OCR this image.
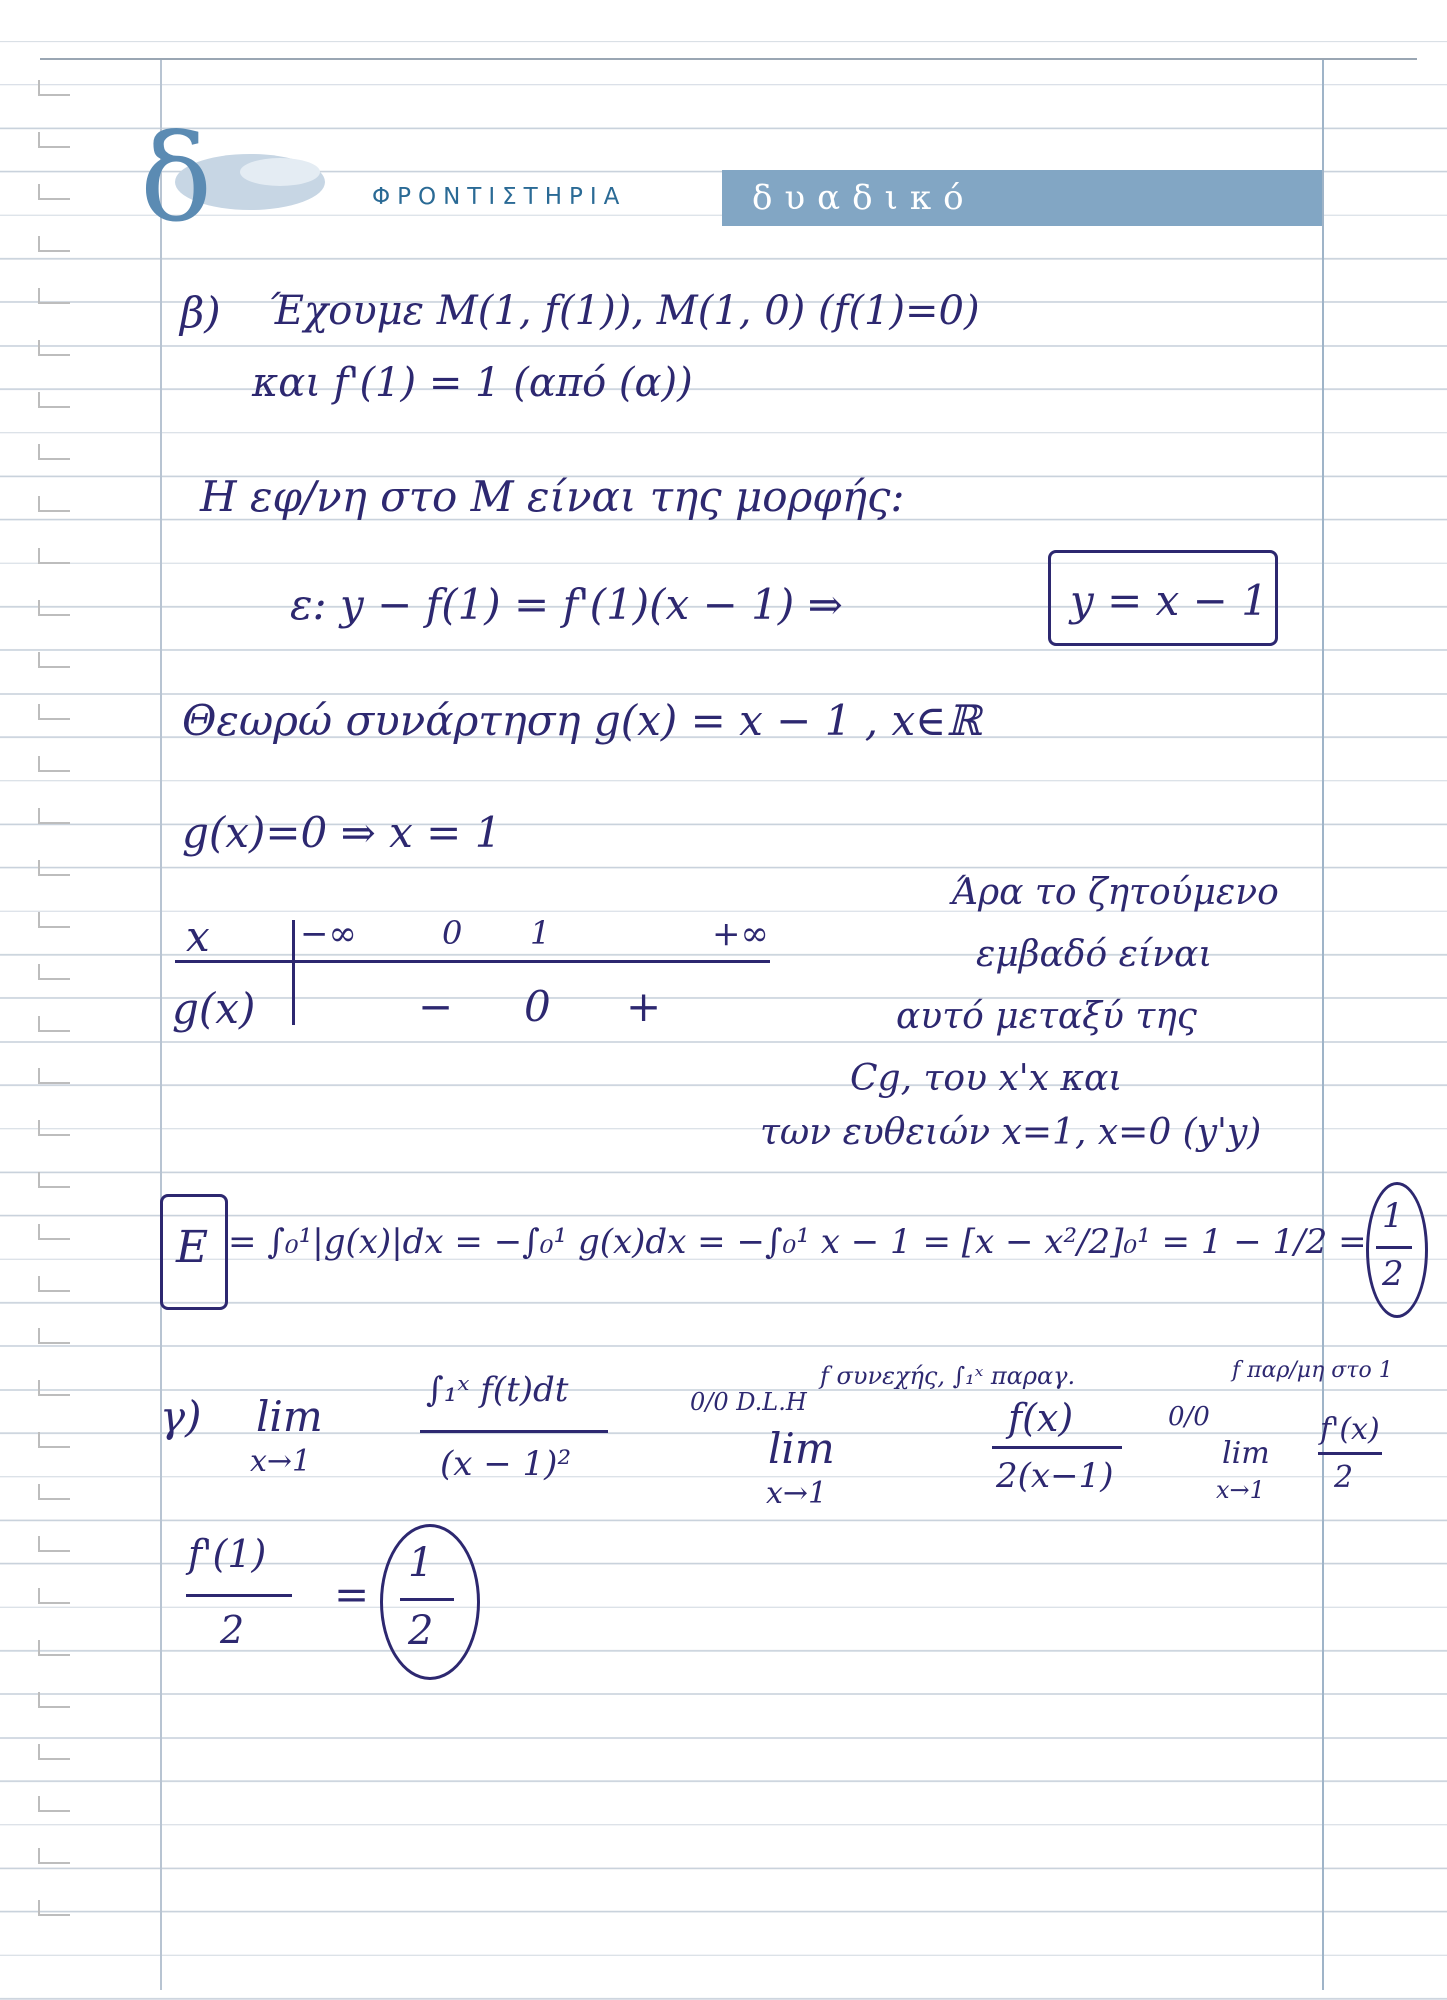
δ	ΦΡΟΝΤΙΣΤΗΡΙΑ	δυαδικό
β) Έχουμε M(1, f(1)), M(1, 0) (f(1)=0)
και f'(1) = 1 (από (α))
Η εφ/νη στο M είναι της μορφής:
ε: y − f(1) = f'(1)(x − 1) ⇒	y = x − 1
Θεωρώ συνάρτηση g(x) = x − 1 , x∈ℝ
g(x)=0 ⇒ x = 1
x	−∞	0 1	+∞
g(x)	− 0 +
Άρα το ζητούμενο
εμβαδό είναι
αυτό μεταξύ της
Cg, του x'x και
των ευθειών x=1, x=0 (y'y)
E = ∫₀¹|g(x)|dx = −∫₀¹ g(x)dx = −∫₀¹ x − 1 = [x − x²/2]₀¹ = 1 − 1/2 =
1
2
γ) lim
x→1
∫₁ˣ f(t)dt
(x − 1)²
0/0 D.L.H
f συνεχής, ∫₁ˣ παραγ.
lim
x→1
f(x)
2(x−1)
0/0
f παρ/μη στο 1
lim
x→1
f'(x)
2
f'(1)
2
=
1
2
